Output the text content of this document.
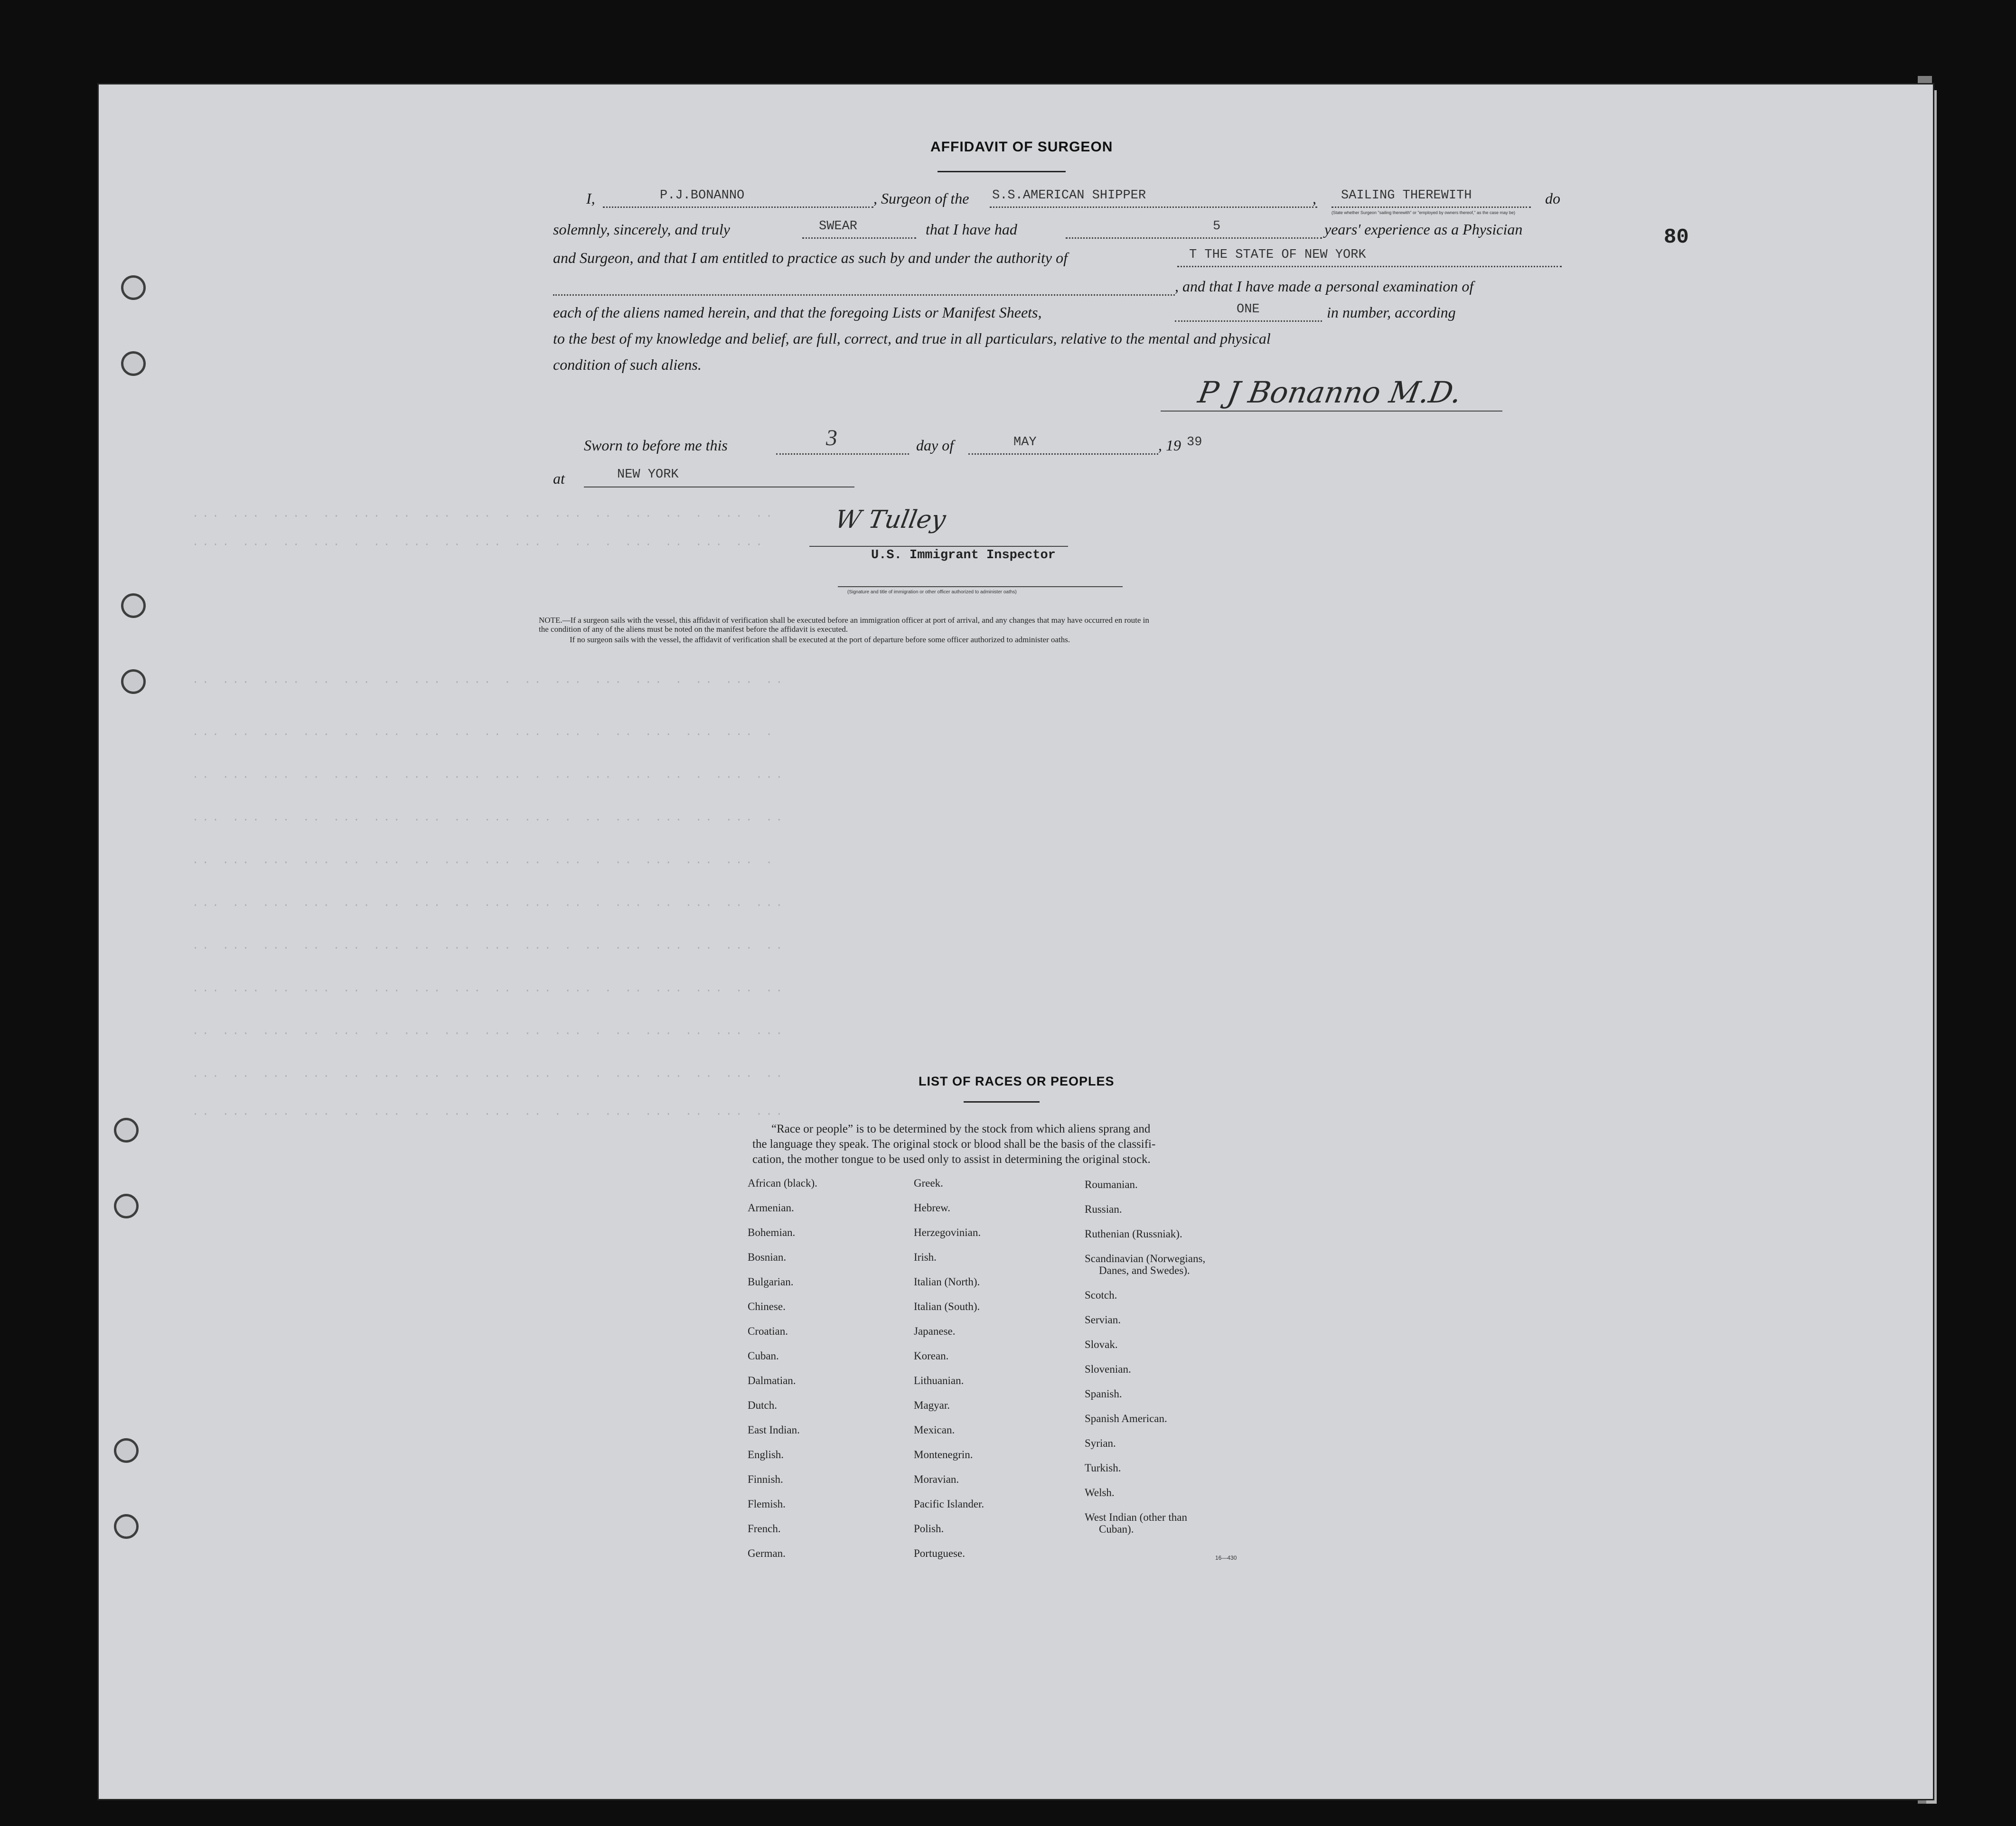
80
··· ··· ···· ·· ··· ·· ··· ··· · ·· ··· ·· ··· ·· · ··· ··
···· ··· ·· ··· · ·· ··· ·· ··· ··· · ·· · ··· ·· ··· ···
·· ··· ···· ·· ··· ·· ··· ···· · ·· ··· ··· ··· · ·· ··· ··
··· ·· ··· ··· ·· ··· ··· ·· ·· ··· ··· · ·· ··· ··· ··· ·
·· ··· ··· ·· ··· ·· ··· ···· ··· · ·· ··· ··· ·· · ··· ···
··· ··· ·· ·· ··· ··· ··· ·· ··· ··· · ·· ··· ··· ·· ··· ··
·· ··· ··· ··· ·· ··· ·· ··· ··· ·· ··· · ·· ··· ··· ··· ·
··· ·· ··· ··· ··· ·· ··· ·· ··· ··· ·· · ··· ·· ··· ·· ···
·· ··· ··· ·· ··· ··· ·· ··· ··· ··· · ·· ··· ··· ·· ··· ··
··· ··· ·· ··· ·· ··· ··· ··· ·· ··· ··· · ·· ··· ··· ·· ··
·· ··· ··· ·· ··· ·· ··· ··· ··· ·· ··· · ·· ··· ·· ··· ···
··· ·· ··· ··· ·· ··· ··· ·· ··· ··· ·· · ··· ··· ·· ··· ··
·· ··· ··· ··· ·· ··· ·· ··· ··· ·· · ·· ··· ··· ·· ··· ···
AFFIDAVIT OF SURGEON
I,	P.J.BONANNO	, Surgeon of the S.S.AMERICAN SHIPPER	, SAILING THEREWITH	do
(State whether Surgeon "sailing therewith" or "employed by owners thereof," as the case may be)
solemnly, sincerely, and truly	SWEAR	that I have had	5	years' experience as a Physician
and Surgeon, and that I am entitled to practice as such by and under the authority of	T THE STATE OF NEW YORK
, and that I have made a personal examination of
each of the aliens named herein, and that the foregoing Lists or Manifest Sheets,	ONE	in number, according
to the best of my knowledge and belief, are full, correct, and true in all particulars, relative to the mental and physical
condition of such aliens.
P J Bonanno M.D.
Sworn to before me this	3	day of	MAY	, 19 39
at	NEW YORK
W Tulley
U.S. Immigrant Inspector
(Signature and title of immigration or other officer authorized to administer oaths)
NOTE.—If a surgeon sails with the vessel, this affidavit of verification shall be executed before an immigration officer at port of arrival, and any changes that may have occurred en route in
the condition of any of the aliens must be noted on the manifest before the affidavit is executed.
If no surgeon sails with the vessel, the affidavit of verification shall be executed at the port of departure before some officer authorized to administer oaths.
LIST OF RACES OR PEOPLES
“Race or people” is to be determined by the stock from which aliens sprang and
the language they speak. The original stock or blood shall be the basis of the classifi-
cation, the mother tongue to be used only to assist in determining the original stock.
16—430
African (black).
Armenian.
Bohemian.
Bosnian.
Bulgarian.
Chinese.
Croatian.
Cuban.
Dalmatian.
Dutch.
East Indian.
English.
Finnish.
Flemish.
French.
German.
Greek.
Hebrew.
Herzegovinian.
Irish.
Italian (North).
Italian (South).
Japanese.
Korean.
Lithuanian.
Magyar.
Mexican.
Montenegrin.
Moravian.
Pacific Islander.
Polish.
Portuguese.
Roumanian.
Russian.
Ruthenian (Russniak).
Scandinavian (Norwegians,
Danes, and Swedes).
Scotch.
Servian.
Slovak.
Slovenian.
Spanish.
Spanish American.
Syrian.
Turkish.
Welsh.
West Indian (other than
Cuban).
